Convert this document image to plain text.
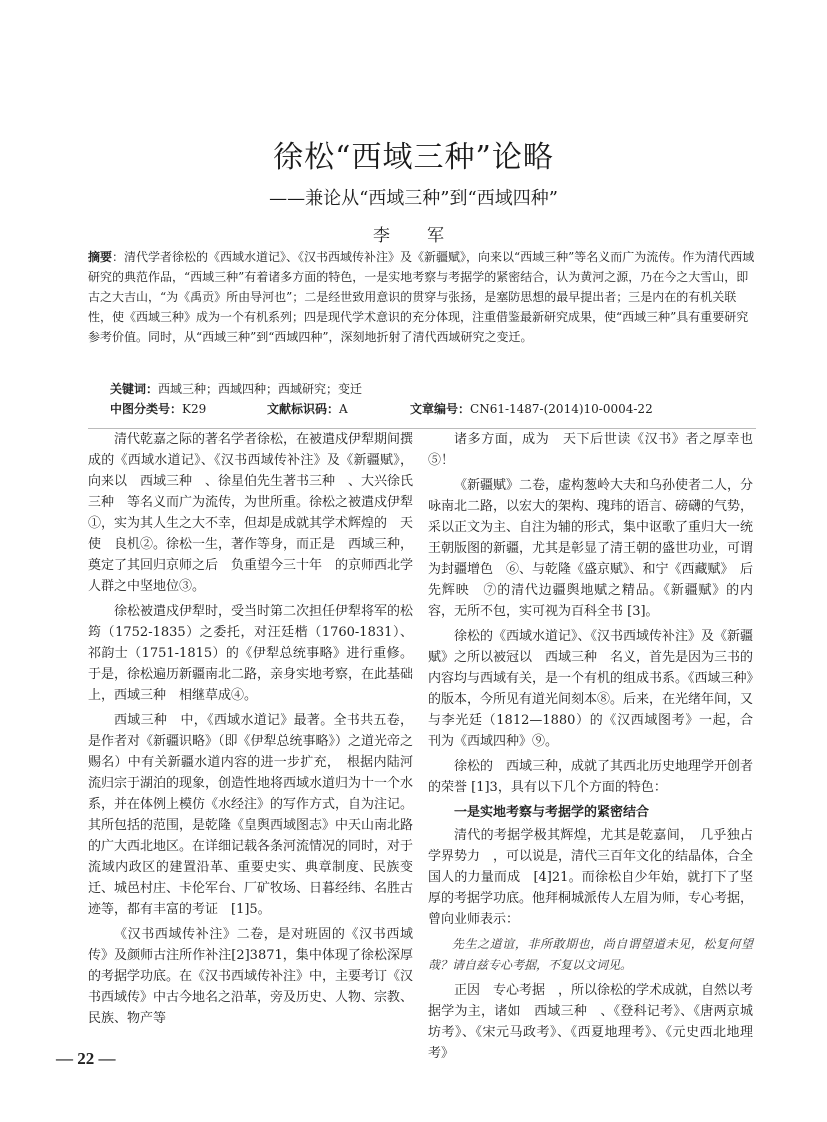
徐松“西域三种”论略
——兼论从“西域三种”到“西域四种”
李　军
摘要：清代学者徐松的《西域水道记》、《汉书西域传补注》及《新疆赋》，向来以“西域三种”等名义而广为流传。作为清代西域研究的典范作品，“西域三种”有着诸多方面的特色，一是实地考察与考据学的紧密结合，认为黄河之源，乃在今之大雪山，即古之大吉山，“为《禹贡》所由导河也”；二是经世致用意识的贯穿与张扬，是塞防思想的最早提出者；三是内在的有机关联性，使《西域三种》成为一个有机系列；四是现代学术意识的充分体现，注重借鉴最新研究成果，使“西域三种”具有重要研究参考价值。同时，从“西域三种”到“西域四种”，深刻地折射了清代西域研究之变迁。
关键词：西域三种；西域四种；西域研究；变迁
中图分类号：K29	文献标识码：A	文章编号：CN61-1487-(2014)10-0004-22

清代乾嘉之际的著名学者徐松，在被遣戍伊犁期间撰成的《西域水道记》、《汉书西域传补注》及《新疆赋》，向来以　西域三种　、徐星伯先生著书三种　、大兴徐氏三种　等名义而广为流传，为世所重。徐松之被遣戍伊犁①，实为其人生之大不幸，但却是成就其学术辉煌的　天使　良机②。徐松一生，著作等身，而正是　西域三种，奠定了其回归京师之后　负重望今三十年　的京师西北学人群之中坚地位③。

徐松被遣戍伊犁时，受当时第二次担任伊犁将军的松筠（1752-1835）之委托，对汪廷楷（1760-1831）、祁韵士（1751-1815）的《伊犁总统事略》进行重修。于是，徐松遍历新疆南北二路，亲身实地考察，在此基础上，西域三种　相继草成④。

西域三种　中，《西域水道记》最著。全书共五卷，是作者对《新疆识略》（即《伊犁总统事略》）之道光帝之赐名）中有关新疆水道内容的进一步扩充，　根据内陆河流归宗于湖泊的现象，创造性地将西域水道归为十一个水系，并在体例上模仿《水经注》的写作方式，自为注记。其所包括的范围，是乾隆《皇舆西域图志》中天山南北路的广大西北地区。在详细记载各条河流情况的同时，对于流域内政区的建置沿革、重要史实、典章制度、民族变迁、城邑村庄、卡伦军台、厂矿牧场、日暮经纬、名胜古迹等，都有丰富的考证　[1]5。

《汉书西域传补注》二卷，是对班固的《汉书西域传》及颜师古注所作补注[2]3871，集中体现了徐松深厚的考据学功底。在《汉书西域传补注》中，主要考订《汉书西域传》中古今地名之沿革，旁及历史、人物、宗教、民族、物产等

诸多方面，成为　天下后世读《汉书》者之厚幸也　⑤！

《新疆赋》二卷，虚构葱岭大夫和乌孙使者二人，分咏南北二路，以宏大的架构、瑰玮的语言、磅礴的气势，采以正文为主、自注为辅的形式，集中讴歌了重归大一统王朝版图的新疆，尤其是彰显了清王朝的盛世功业，可谓　为封疆增色　⑥、与乾隆《盛京赋》、和宁《西藏赋》　后先辉映　⑦的清代边疆舆地赋之精品。《新疆赋》的内容，无所不包，实可视为百科全书 [3]。

徐松的《西域水道记》、《汉书西域传补注》及《新疆赋》之所以被冠以　西域三种　名义，首先是因为三书的内容均与西域有关，是一个有机的组成书系。《西域三种》的版本，今所见有道光间刻本⑧。后来，在光绪年间，又与李光廷（1812—1880）的《汉西域图考》一起，合刊为《西域四种》⑨。

徐松的　西域三种，成就了其西北历史地理学开创者的荣誉 [1]3，具有以下几个方面的特色：

一是实地考察与考据学的紧密结合

清代的考据学极其辉煌，尤其是乾嘉间，　几乎独占学界势力　，可以说是，清代三百年文化的结晶体，合全国人的力量而成　[4]21。而徐松自少年始，就打下了坚厚的考据学功底。他拜桐城派传人左眉为师，专心考据，曾向业师表示：

先生之道谊，非所敢期也，尚自谓望道未见，松复何望哉？请自兹专心考据，不复以文词见。

正因　专心考据　，所以徐松的学术成就，自然以考据学为主，诸如　西域三种　、《登科记考》、《唐两京城坊考》、《宋元马政考》、《西夏地理考》、《元史西北地理考》

— 22 —
